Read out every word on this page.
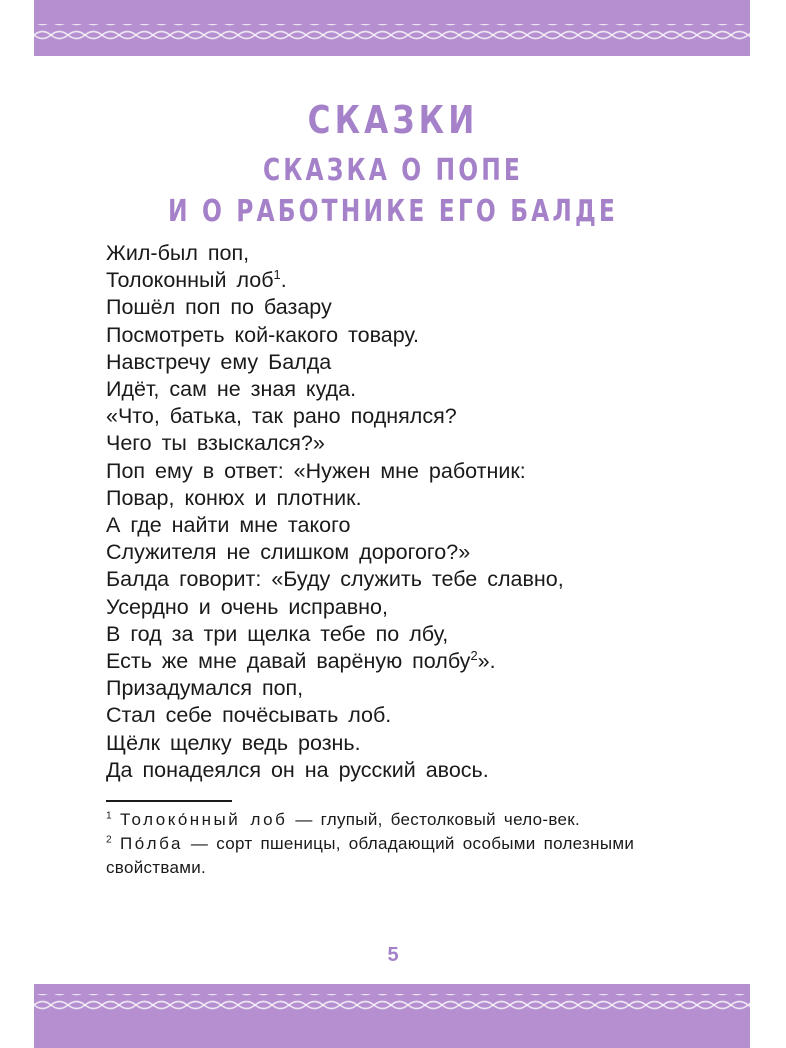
СКАЗКИ
СКАЗКА О ПОПЕ
И О РАБОТНИКЕ ЕГО БАЛДЕ
Жил-был поп,
Толоконный лоб$^1$.
Пошёл поп по базару
Посмотреть кой-какого товару.
Навстречу ему Балда
Идёт, сам не зная куда.
«Что, батька, так рано поднялся?
Чего ты взыскался?»
Поп ему в ответ: «Нужен мне работник:
Повар, конюх и плотник.
А где найти мне такого
Служителя не слишком дорогого?»
Балда говорит: «Буду служить тебе славно,
Усердно и очень исправно,
В год за три щелка тебе по лбу,
Есть же мне давай варёную полбу$^2$».
Призадумался поп,
Стал себе почёсывать лоб.
Щёлк щелку ведь рознь.
Да понадеялся он на русский авось.

$^1$ Толоко́нный лоб — глупый, бестолковый чело-век.

$^2$ По́лба — сорт пшеницы, обладающий особыми полезными свойствами.

5
